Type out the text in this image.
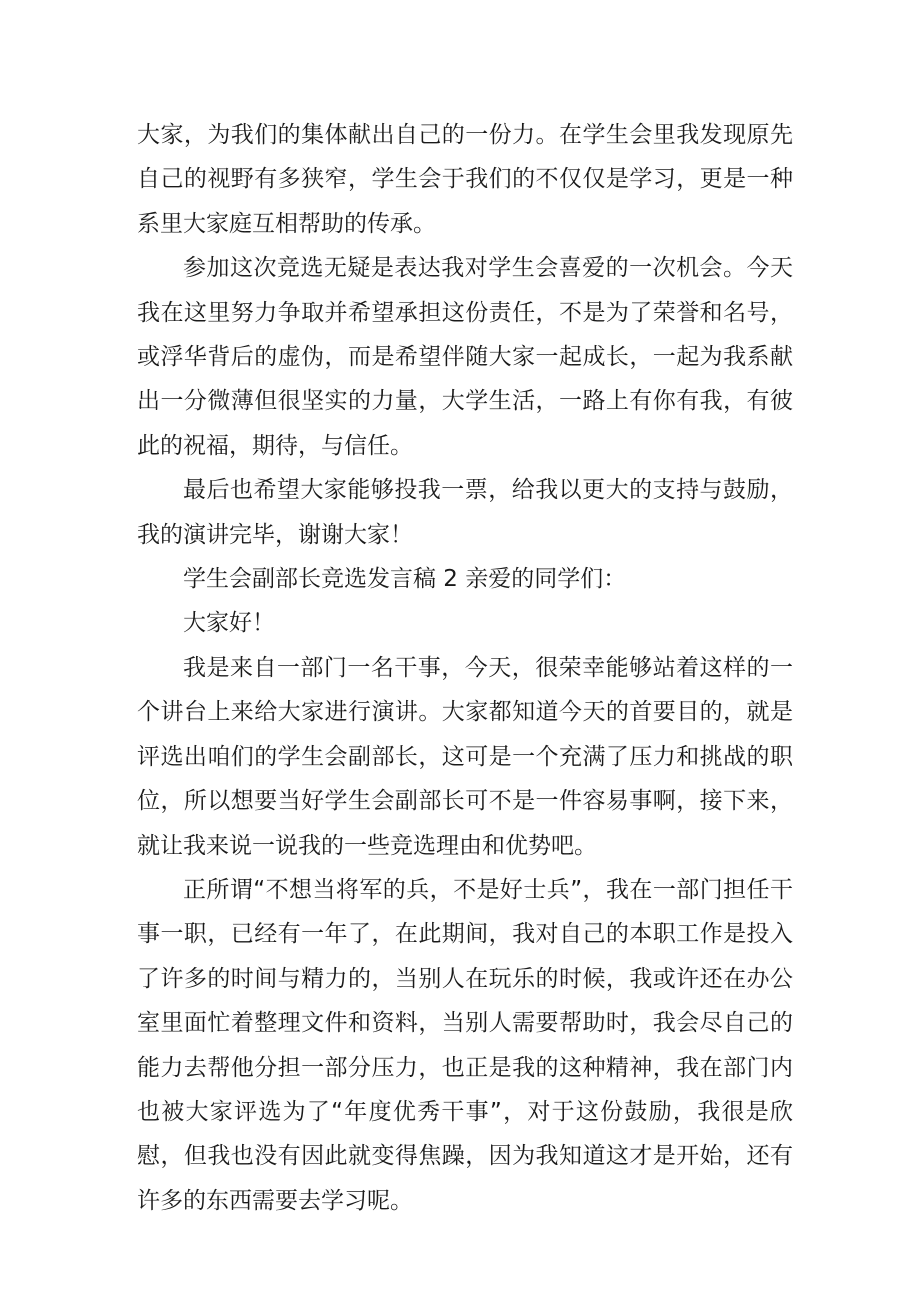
大家，为我们的集体献出自己的一份力。在学生会里我发现原先自己的视野有多狭窄，学生会于我们的不仅仅是学习，更是一种系里大家庭互相帮助的传承。

参加这次竞选无疑是表达我对学生会喜爱的一次机会。今天我在这里努力争取并希望承担这份责任，不是为了荣誉和名号，或浮华背后的虚伪，而是希望伴随大家一起成长，一起为我系献出一分微薄但很坚实的力量，大学生活，一路上有你有我，有彼此的祝福，期待，与信任。

最后也希望大家能够投我一票，给我以更大的支持与鼓励，我的演讲完毕，谢谢大家！

学生会副部长竞选发言稿 2 亲爱的同学们：

大家好！

我是来自一部门一名干事，今天，很荣幸能够站着这样的一个讲台上来给大家进行演讲。大家都知道今天的首要目的，就是评选出咱们的学生会副部长，这可是一个充满了压力和挑战的职位，所以想要当好学生会副部长可不是一件容易事啊，接下来，就让我来说一说我的一些竞选理由和优势吧。

正所谓“不想当将军的兵，不是好士兵”，我在一部门担任干事一职，已经有一年了，在此期间，我对自己的本职工作是投入了许多的时间与精力的，当别人在玩乐的时候，我或许还在办公室里面忙着整理文件和资料，当别人需要帮助时，我会尽自己的能力去帮他分担一部分压力，也正是我的这种精神，我在部门内也被大家评选为了“年度优秀干事”，对于这份鼓励，我很是欣慰，但我也没有因此就变得焦躁，因为我知道这才是开始，还有许多的东西需要去学习呢。
